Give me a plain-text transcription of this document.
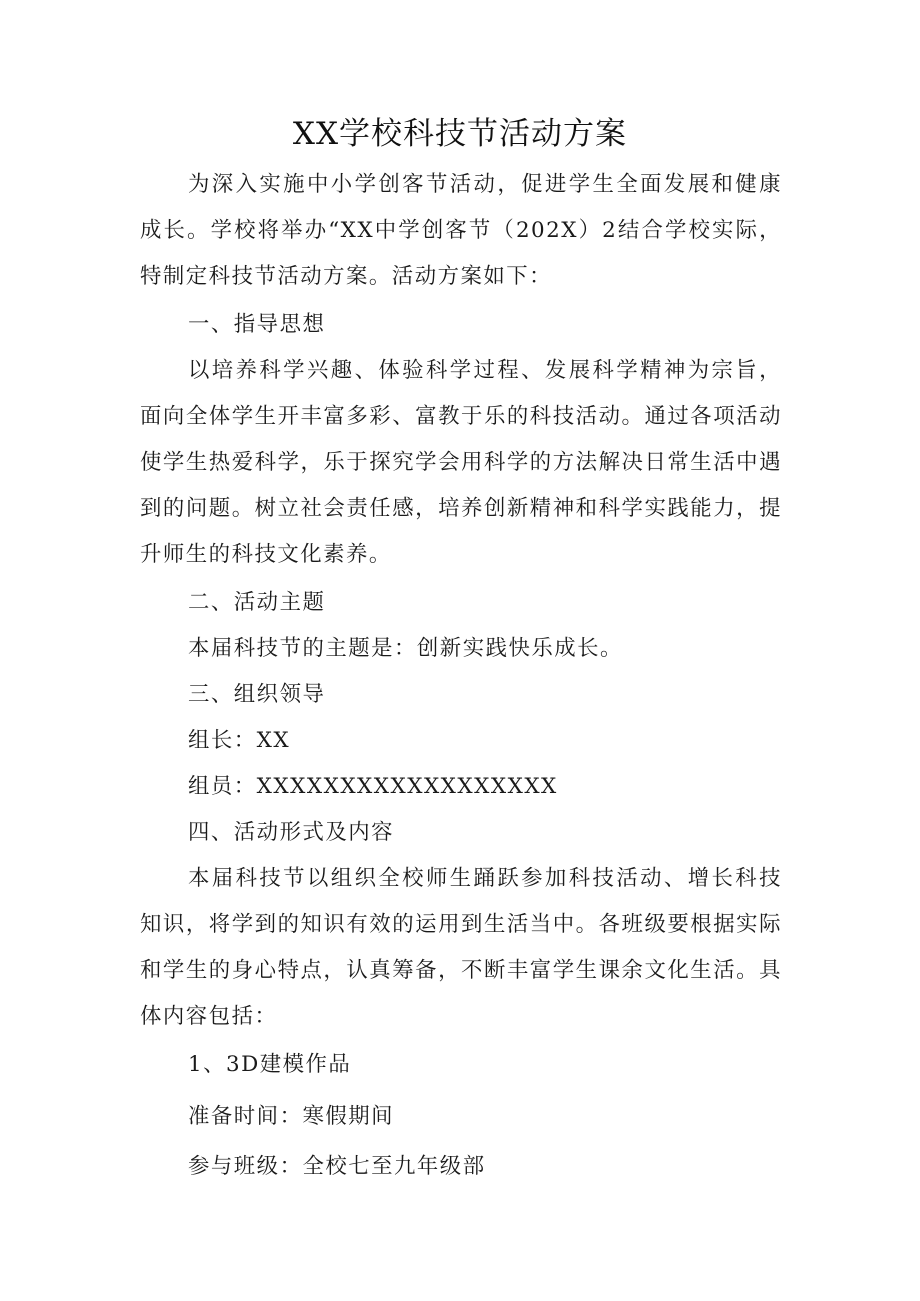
XX学校科技节活动方案

为深入实施中小学创客节活动，促进学生全面发展和健康成长。学校将举办“XX中学创客节（202X）2结合学校实际，特制定科技节活动方案。活动方案如下：

一、指导思想

以培养科学兴趣、体验科学过程、发展科学精神为宗旨，面向全体学生开丰富多彩、富教于乐的科技活动。通过各项活动使学生热爱科学，乐于探究学会用科学的方法解决日常生活中遇到的问题。树立社会责任感，培养创新精神和科学实践能力，提升师生的科技文化素养。

二、活动主题

本届科技节的主题是：创新实践快乐成长。

三、组织领导

组长：XX

组员：XXXXXXXXXXXXXXXXXX

四、活动形式及内容

本届科技节以组织全校师生踊跃参加科技活动、增长科技知识，将学到的知识有效的运用到生活当中。各班级要根据实际和学生的身心特点，认真筹备，不断丰富学生课余文化生活。具体内容包括：

1、3D建模作品

准备时间：寒假期间

参与班级：全校七至九年级部
